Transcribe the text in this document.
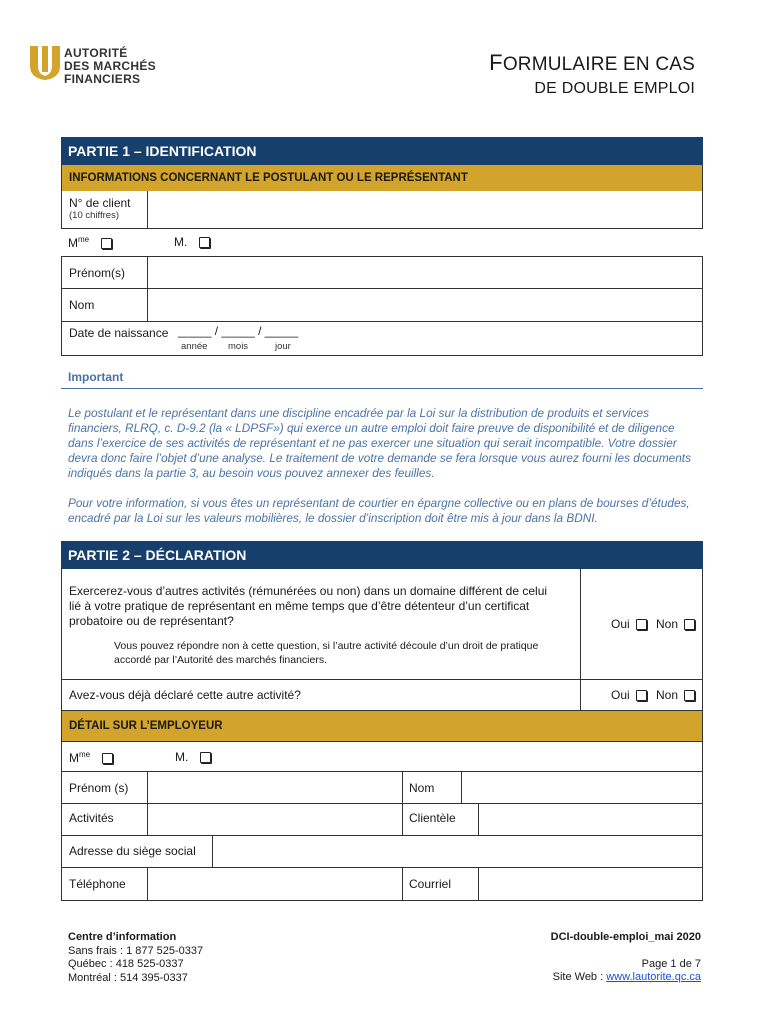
AUTORITÉ
DES MARCHÉS
FINANCIERS
FORMULAIRE EN CAS
DE DOUBLE EMPLOI
PARTIE 1 – IDENTIFICATION
INFORMATIONS CONCERNANT LE POSTULANT OU LE REPRÉSENTANT
N° de client
(10 chiffres)
$M^{me}$	M.
Prénom(s)
Nom
Date de naissance _____ / _____ / _____
année mois	jour
Important
Le postulant et le représentant dans une discipline encadrée par la Loi sur la distribution de produits et services financiers, RLRQ, c. D-9.2 (la « LDPSF») qui exerce un autre emploi doit faire preuve de disponibilité et de diligence dans l’exercice de ses activités de représentant et ne pas exercer une situation qui serait incompatible. Votre dossier devra donc faire l’objet d’une analyse. Le traitement de votre demande se fera lorsque vous aurez fourni les documents indiqués dans la partie 3, au besoin vous pouvez annexer des feuilles.
Pour votre information, si vous êtes un représentant de courtier en épargne collective ou en plans de bourses d’études, encadré par la Loi sur les valeurs mobilières, le dossier d’inscription doit être mis à jour dans la BDNI.
PARTIE 2 – DÉCLARATION
Exercerez-vous d’autres activités (rémunérées ou non) dans un domaine différent de celui lié à votre pratique de représentant en même temps que d’être détenteur d’un certificat probatoire ou de représentant?
Vous pouvez répondre non à cette question, si l’autre activité découle d’un droit de pratique accordé par l’Autorité des marchés financiers.
Oui	Non
Avez-vous déjà déclaré cette autre activité?	Oui	Non
DÉTAIL SUR L’EMPLOYEUR
$M^{me}$	M.
Prénom (s)	Nom
Activités	Clientèle
Adresse du siège social
Téléphone	Courriel
Centre d’information
Sans frais : 1 877 525-0337
Québec : 418 525-0337
Montréal : 514 395-0337
DCI-double-emploi_mai 2020
Page 1 de 7
Site Web : www.lautorite.qc.ca
